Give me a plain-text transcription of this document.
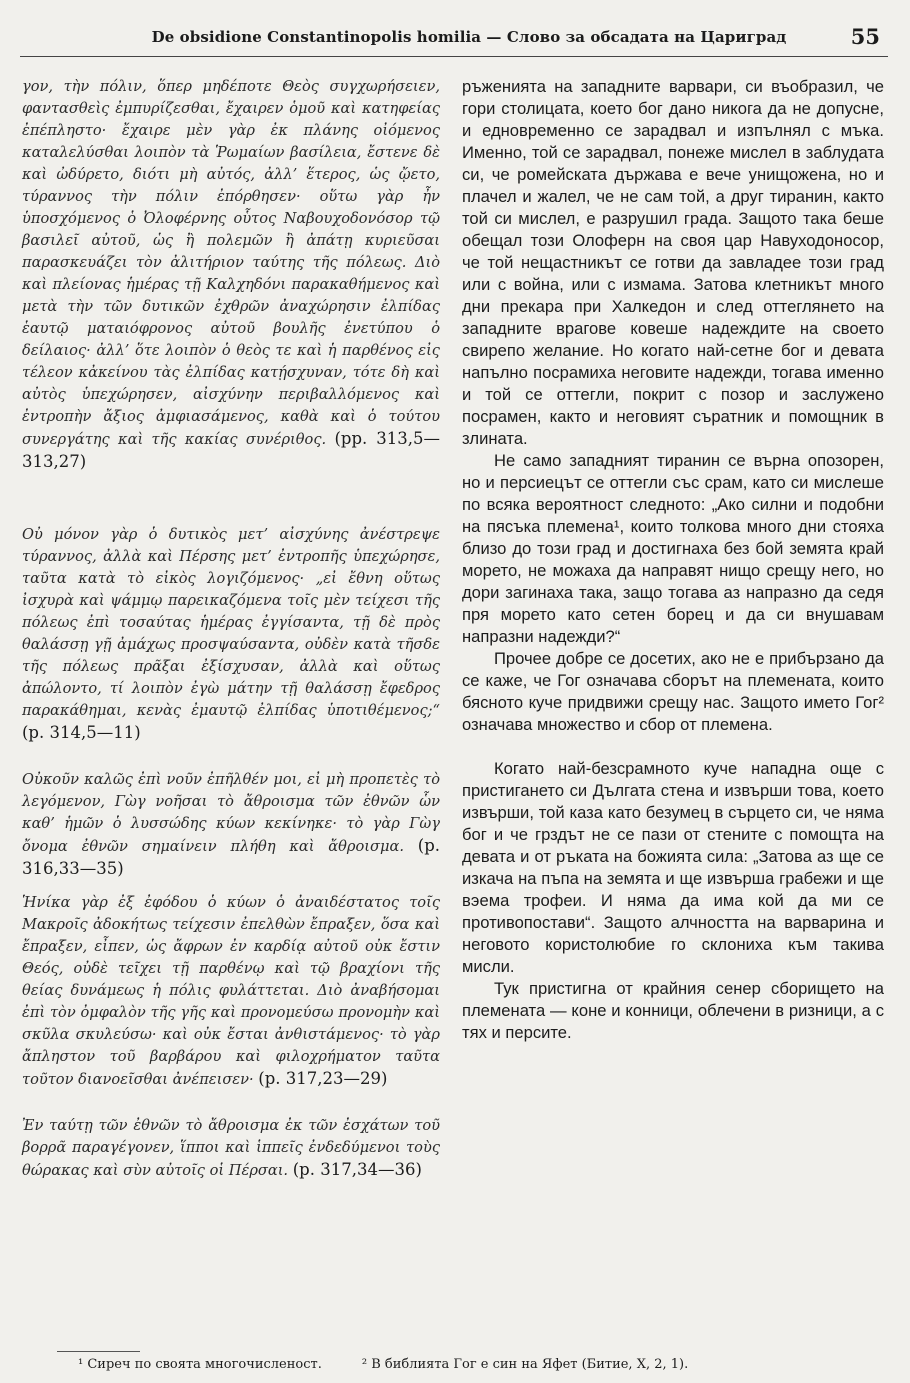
De obsidione Constantinopolis homilia — Слово за обсадата на Цариград	55

γον, τὴν πόλιν, ὅπερ μηδέποτε Θεὸς συγχωρήσειεν, φαντασθεὶς ἐμπυρίζεσθαι, ἔχαιρεν ὁμοῦ καὶ κατηφείας ἐπέπληστο· ἔχαιρε μὲν γὰρ ἐκ πλάνης οἰόμενος καταλελύσθαι λοιπὸν τὰ Ῥωμαίων βασίλεια, ἔστενε δὲ καὶ ὠδύρετο, διότι μὴ αὐτός, ἀλλ’ ἕτερος, ὡς ᾤετο, τύραννος τὴν πόλιν ἐπόρθησεν· οὕτω γὰρ ἦν ὑποσχόμενος ὁ Ὀλοφέρνης οὗτος Ναβουχοδονόσορ τῷ βασιλεῖ αὐτοῦ, ὡς ἢ πολεμῶν ἢ ἀπάτῃ κυριεῦσαι παρασκευάζει τὸν ἀλιτήριον ταύτης τῆς πόλεως. Διὸ καὶ πλείονας ἡμέρας τῇ Καλχηδόνι παρακαθήμενος καὶ μετὰ τὴν τῶν δυτικῶν ἐχθρῶν ἀναχώρησιν ἐλπίδας ἑαυτῷ ματαιόφρονος αὐτοῦ βουλῆς ἐνετύπου ὁ δείλαιος· ἀλλ’ ὅτε λοιπὸν ὁ θεὸς τε καὶ ἡ παρθένος εἰς τέλεον κἀκείνου τὰς ἐλπίδας κατῄσχυναν, τότε δὴ καὶ αὐτὸς ὑπεχώρησεν, αἰσχύνην περιβαλλόμενος καὶ ἐντροπὴν ἄξιος ἀμφιασάμενος, καθὰ καὶ ὁ τούτου συνεργάτης καὶ τῆς κακίας συνέριθος. (pp. 313,5—313,27)

Οὐ μόνον γὰρ ὁ δυτικὸς μετ’ αἰσχύνης ἀνέστρεψε τύραννος, ἀλλὰ καὶ Πέρσης μετ’ ἐντροπῆς ὑπεχώρησε, ταῦτα κατὰ τὸ εἰκὸς λογιζόμενος· „εἰ ἔθνη οὕτως ἰσχυρὰ καὶ ψάμμῳ παρεικαζόμενα τοῖς μὲν τείχεσι τῆς πόλεως ἐπὶ τοσαύτας ἡμέρας ἐγγίσαντα, τῇ δὲ πρὸς θαλάσσῃ γῇ ἀμάχως προσψαύσαντα, οὐδὲν κατὰ τῆσδε τῆς πόλεως πρᾶξαι ἐξίσχυσαν, ἀλλὰ καὶ οὕτως ἀπώλοντο, τί λοιπὸν ἐγὼ μάτην τῇ θαλάσσῃ ἔφεδρος παρακάθημαι, κενὰς ἐμαυτῷ ἐλπίδας ὑποτιθέμενος;“ (p. 314,5—11)

Οὐκοῦν καλῶς ἐπὶ νοῦν ἐπῆλθέν μοι, εἰ μὴ προπετὲς τὸ λεγόμενον, Γὼγ νοῆσαι τὸ ἄθροισμα τῶν ἐθνῶν ὧν καθ’ ἡμῶν ὁ λυσσώδης κύων κεκίνηκε· τὸ γὰρ Γὼγ ὄνομα ἐθνῶν σημαίνειν πλήθη καὶ ἄθροισμα. (p. 316,33—35)

Ἡνίκα γὰρ ἐξ ἐφόδου ὁ κύων ὁ ἀναιδέστατος τοῖς Μακροῖς ἀδοκήτως τείχεσιν ἐπελθὼν ἔπραξεν, ὅσα καὶ ἔπραξεν, εἶπεν, ὡς ἄφρων ἐν καρδίᾳ αὐτοῦ οὐκ ἔστιν Θεός, οὐδὲ τεῖχει τῇ παρθένῳ καὶ τῷ βραχίονι τῆς θείας δυνάμεως ἡ πόλις φυλάττεται. Διὸ ἀναβήσομαι ἐπὶ τὸν ὀμφαλὸν τῆς γῆς καὶ προνομεύσω προνομὴν καὶ σκῦλα σκυλεύσω· καὶ οὐκ ἔσται ἀνθιστάμενος· τὸ γὰρ ἄπληστον τοῦ βαρβάρου καὶ φιλοχρήματον ταῦτα τοῦτον διανοεῖσθαι ἀνέπεισεν· (p. 317,23—29)

Ἐν ταύτῃ τῶν ἐθνῶν τὸ ἄθροισμα ἐκ τῶν ἐσχάτων τοῦ βορρᾶ παραγέγονεν, ἵπποι καὶ ἱππεῖς ἐνδεδύμενοι τοὺς θώρακας καὶ σὺν αὐτοῖς οἱ Πέρσαι. (p. 317,34—36)

ръженията на западните варвари, си въобразил, че гори столицата, което бог дано никога да не допусне, и едновременно се зарадвал и изпълнял с мъка. Именно, той се зарадвал, понеже мислел в заблудата си, че ромейската държава е вече унищожена, но и плачел и жалел, че не сам той, а друг тиранин, както той си мислел, е разрушил града. Защото така беше обещал този Олоферн на своя цар Навуходоносор, че той нещастникът се готви да завладее този град или с война, или с измама. Затова клетникът много дни прекара при Халкедон и след оттеглянето на западните врагове ковеше надеждите на своето свирепо желание. Но когато най-сетне бог и девата напълно посрамиха неговите надежди, тогава именно и той се оттегли, покрит с позор и заслужено посрамен, както и неговият съратник и помощник в злината.

Не само западният тиранин се върна опозорен, но и персиецът се оттегли със срам, като си мислеше по всяка вероятност следното: „Ако силни и подобни на пясъка племена¹, които толкова много дни стояха близо до този град и достигнаха без бой земята край морето, не можаха да направят нищо срещу него, но дори загинаха така, защо тогава аз напразно да седя пря морето като сетен борец и да си внушавам напразни надежди?“

Прочее добре се досетих, ако не е прибързано да се каже, че Гог означава сборът на племената, които бясното куче придвижи срещу нас. Защото името Гог² означава множество и сбор от племена.

Когато най-безсрамното куче нападна още с пристигането си Дългата стена и извърши това, което извърши, той каза като безумец в сърцето си, че няма бог и че грздът не се пази от стените с помощта на девата и от ръката на божията сила: „Затова аз ще се изкача на пъпа на земята и ще извърша грабежи и ще вэема трофеи. И няма да има кой да ми се противопостави“. Защото алчността на варварина и неговото користолюбие го склониха към такива мисли.

Тук пристигна от крайния сенер сборището на племената — коне и конници, облечени в ризници, а с тях и персите.

¹ Сиреч по своята многочисленост.	² В библията Гог е син на Яфет (Битие, X, 2, 1).
